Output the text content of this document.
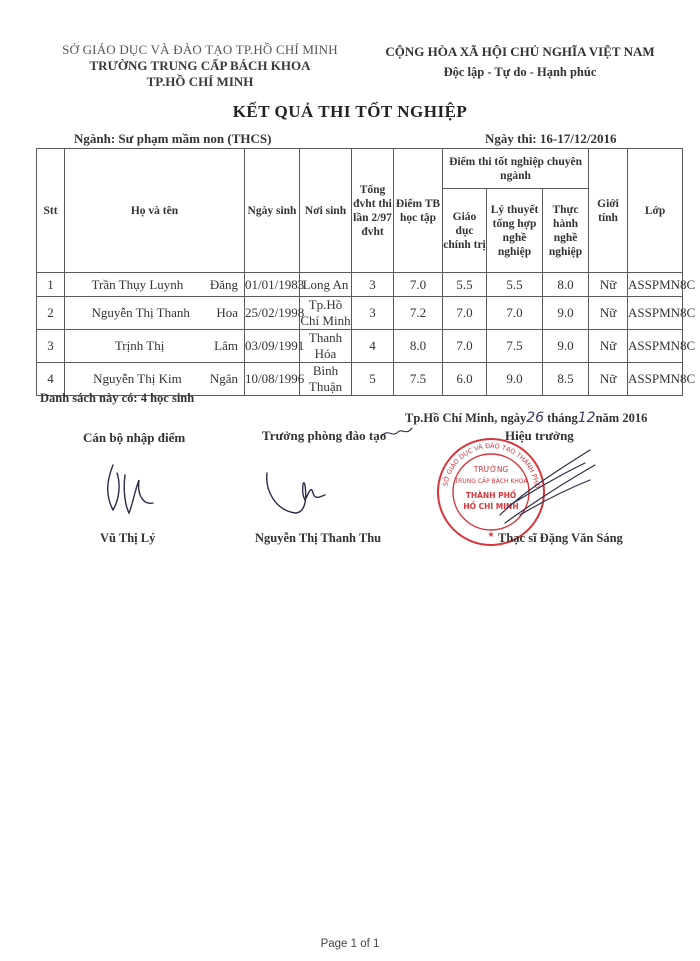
SỞ GIÁO DỤC VÀ ĐÀO TẠO TP.HỒ CHÍ MINH
TRƯỜNG TRUNG CẤP BÁCH KHOA
TP.HỒ CHÍ MINH
CỘNG HÒA XÃ HỘI CHỦ NGHĨA VIỆT NAM
Độc lập - Tự do - Hạnh phúc
KẾT QUẢ THI TỐT NGHIỆP
Ngành: Sư phạm mầm non (THCS)	Ngày thi: 16-17/12/2016
Stt	Họ và tên	Ngày sinh	Nơi sinh	Tổng đvht thi lần 2/97 đvht	Điểm TB học tập	Điểm thi tốt nghiệp chuyên ngành			Giới tính	Lớp
						Giáo dục chính trị	Lý thuyết tổng hợp nghề nghiệp	Thực hành nghề nghiệp		
1	Trần Thụy Luynh Đăng	01/01/1983	Long An	3	7.0	5.5	5.5	8.0	Nữ	ASSPMN8C
2	Nguyễn Thị Thanh Hoa	25/02/1998	Tp.Hồ Chí Minh	3	7.2	7.0	7.0	9.0	Nữ	ASSPMN8C
3	Trịnh Thị Lâm	03/09/1991	Thanh Hóa	4	8.0	7.0	7.5	9.0	Nữ	ASSPMN8C
4	Nguyễn Thị Kim Ngân	10/08/1996	Bình Thuận	5	7.5	6.0	9.0	8.5	Nữ	ASSPMN8C
Danh sách này có: 4 học sinh
Tp.Hồ Chí Minh, ngày26 tháng12năm 2016
Cán bộ nhập điểm	Trưởng phòng đào tạo	Hiệu trưởng
SỞ GIÁO DỤC VÀ ĐÀO TẠO THÀNH PHỐ
TRƯỜNG
TRUNG CẤP BÁCH KHOA
THÀNH PHỐ
HỒ CHÍ MINH
★
Vũ Thị Lý	Nguyễn Thị Thanh Thu	Thạc sĩ Đặng Văn Sáng
Page 1 of 1
